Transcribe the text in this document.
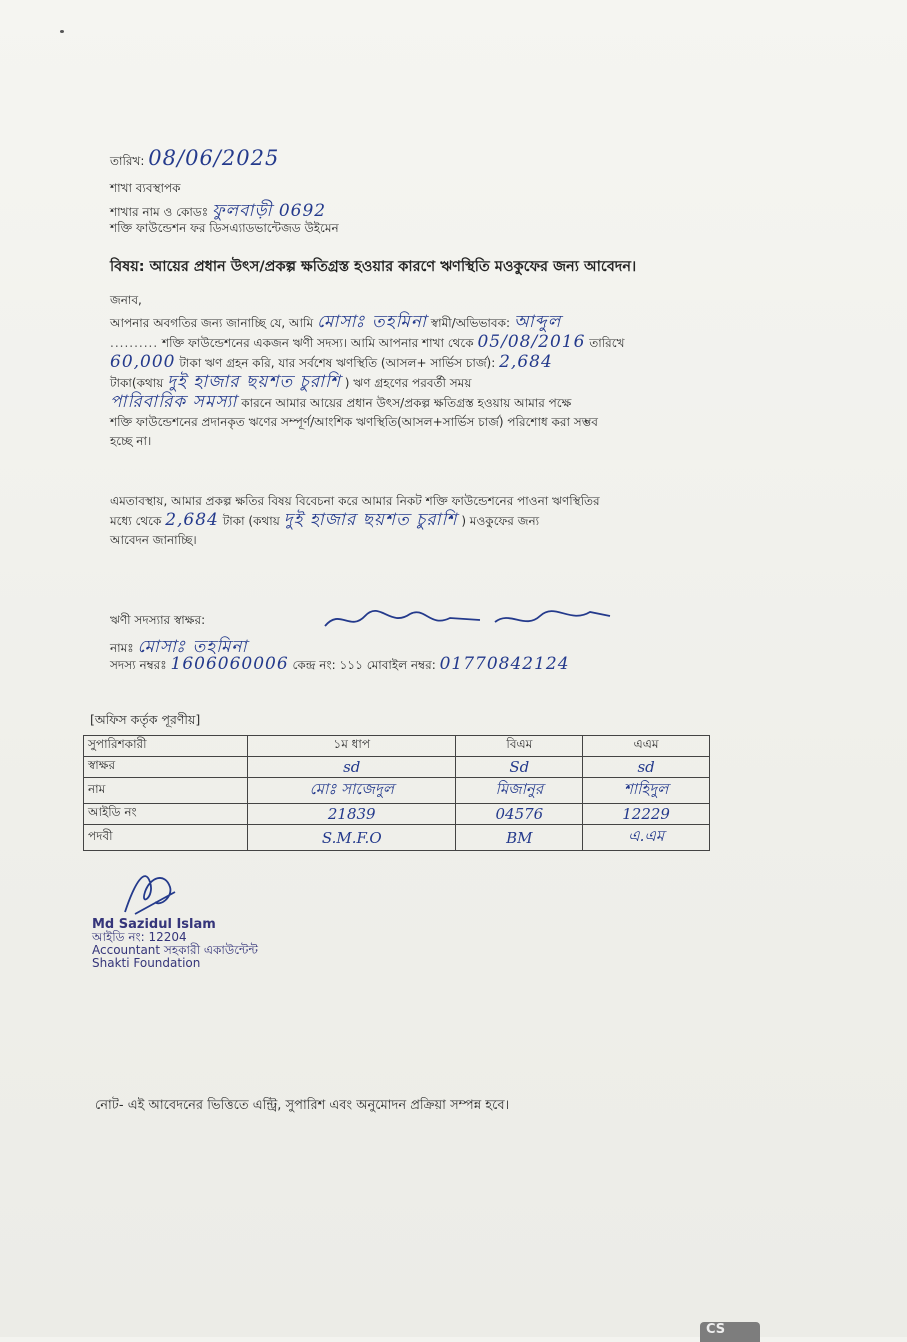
তারিখ: 08/06/2025
শাখা ব্যবস্থাপক
শাখার নাম ও কোডঃ ফুলবাড়ী 0692
শক্তি ফাউন্ডেশন ফর ডিসএ্যাডভান্টেজড উইমেন
বিষয়: আয়ের প্রধান উৎস/প্রকল্প ক্ষতিগ্রস্ত হওয়ার কারণে ঋণস্থিতি মওকুফের জন্য আবেদন।
জনাব,
আপনার অবগতির জন্য জানাচ্ছি যে, আমি মোসাঃ তহমিনা স্বামী/অভিভাবক: আব্দুল
.......... শক্তি ফাউন্ডেশনের একজন ঋণী সদস্য। আমি আপনার শাখা থেকে 05/08/2016 তারিখে
60,000 টাকা ঋণ গ্রহন করি, যার সর্বশেষ ঋণস্থিতি (আসল+ সার্ভিস চার্জ): 2,684
টাকা(কথায় দুই হাজার ছয়শত চুরাশি ) ঋণ গ্রহণের পরবর্তী সময়
পারিবারিক সমস্যা কারনে আমার আয়ের প্রধান উৎস/প্রকল্প ক্ষতিগ্রস্ত হওয়ায় আমার পক্ষে
শক্তি ফাউন্ডেশনের প্রদানকৃত ঋণের সম্পূর্ণ/আংশিক ঋণস্থিতি(আসল+সার্ভিস চার্জ) পরিশোধ করা সম্ভব
হচ্ছে না।
এমতাবস্থায়, আমার প্রকল্প ক্ষতির বিষয় বিবেচনা করে আমার নিকট শক্তি ফাউন্ডেশনের পাওনা ঋণস্থিতির
মধ্যে থেকে 2,684 টাকা (কথায় দুই হাজার ছয়শত চুরাশি ) মওকুফের জন্য
আবেদন জানাচ্ছি।
ঋণী সদস্যার স্বাক্ষর:
নামঃ মোসাঃ তহমিনা
সদস্য নম্বরঃ 1606060006 কেন্দ্র নং: ১১১ মোবাইল নম্বর: 01770842124
[অফিস কর্তৃক পূরণীয়]
সুপারিশকারী	১ম ধাপ	বিএম	এএম
স্বাক্ষর	sd	Sd	sd
নাম	মোঃ সাজেদুল	মিজানুর	শাহিদুল
আইডি নং	21839	04576	12229
পদবী	S.M.F.O	BM	এ.এম
Md Sazidul Islam
আইডি নং: 12204
Accountant সহকারী একাউন্টেন্ট
Shakti Foundation
নোট- এই আবেদনের ভিত্তিতে এন্ট্রি, সুপারিশ এবং অনুমোদন প্রক্রিয়া সম্পন্ন হবে।
CS
